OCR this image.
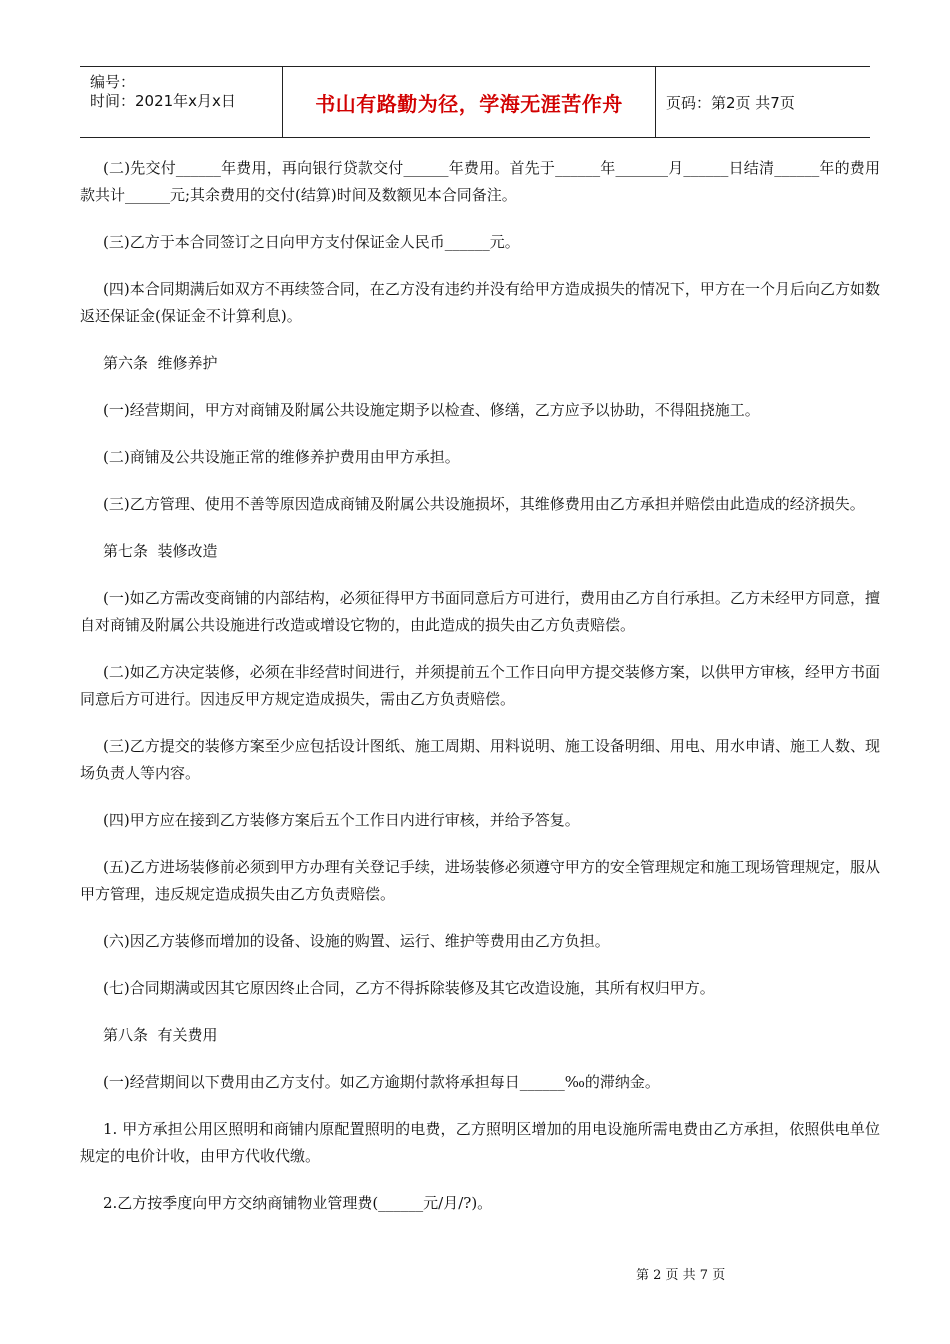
编号：
时间：2021年x月x日	书山有路勤为径，学海无涯苦作舟	页码：第2页 共7页

(二)先交付______年费用，再向银行贷款交付______年费用。首先于______年_______月______日结清______年的费用款共计______元;其余费用的交付(结算)时间及数额见本合同备注。

(三)乙方于本合同签订之日向甲方支付保证金人民币______元。

(四)本合同期满后如双方不再续签合同，在乙方没有违约并没有给甲方造成损失的情况下，甲方在一个月后向乙方如数返还保证金(保证金不计算利息)。

第六条  维修养护

(一)经营期间，甲方对商铺及附属公共设施定期予以检查、修缮，乙方应予以协助，不得阻挠施工。

(二)商铺及公共设施正常的维修养护费用由甲方承担。

(三)乙方管理、使用不善等原因造成商铺及附属公共设施损坏，其维修费用由乙方承担并赔偿由此造成的经济损失。

第七条  装修改造

(一)如乙方需改变商铺的内部结构，必须征得甲方书面同意后方可进行，费用由乙方自行承担。乙方未经甲方同意，擅自对商铺及附属公共设施进行改造或增设它物的，由此造成的损失由乙方负责赔偿。

(二)如乙方决定装修，必须在非经营时间进行，并须提前五个工作日向甲方提交装修方案，以供甲方审核，经甲方书面同意后方可进行。因违反甲方规定造成损失，需由乙方负责赔偿。

(三)乙方提交的装修方案至少应包括设计图纸、施工周期、用料说明、施工设备明细、用电、用水申请、施工人数、现场负责人等内容。

(四)甲方应在接到乙方装修方案后五个工作日内进行审核，并给予答复。

(五)乙方进场装修前必须到甲方办理有关登记手续，进场装修必须遵守甲方的安全管理规定和施工现场管理规定，服从甲方管理，违反规定造成损失由乙方负责赔偿。

(六)因乙方装修而增加的设备、设施的购置、运行、维护等费用由乙方负担。

(七)合同期满或因其它原因终止合同，乙方不得拆除装修及其它改造设施，其所有权归甲方。

第八条  有关费用

(一)经营期间以下费用由乙方支付。如乙方逾期付款将承担每日______‰的滞纳金。

1. 甲方承担公用区照明和商铺内原配置照明的电费，乙方照明区增加的用电设施所需电费由乙方承担，依照供电单位规定的电价计收，由甲方代收代缴。

2.乙方按季度向甲方交纳商铺物业管理费(______元/月/?)。

第 2 页 共 7 页
